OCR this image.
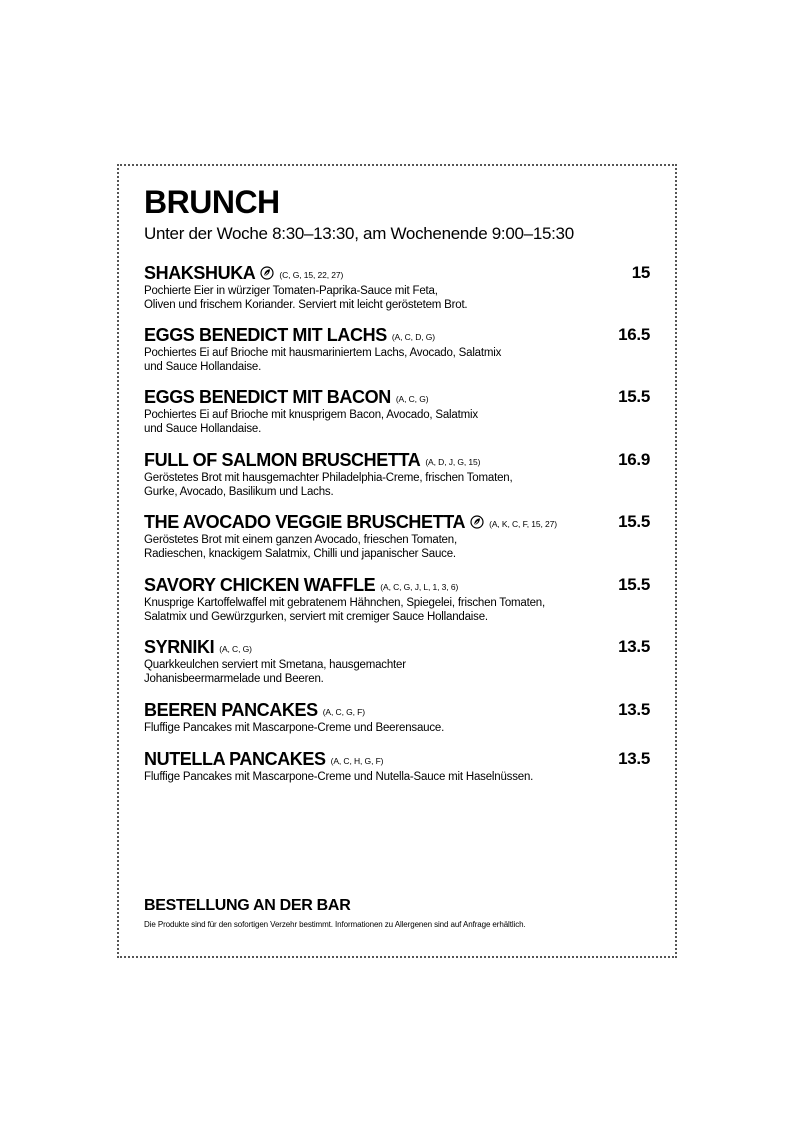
BRUNCH
Unter der Woche 8:30–13:30, am Wochenende 9:00–15:30
SHAKSHUKA	(C, G, 15, 22, 27)	15
Pochierte Eier in würziger Tomaten-Paprika-Sauce mit Feta,
Oliven und frischem Koriander. Serviert mit leicht geröstetem Brot.
EGGS BENEDICT MIT LACHS (A, C, D, G)	16.5
Pochiertes Ei auf Brioche mit hausmariniertem Lachs, Avocado, Salatmix
und Sauce Hollandaise.
EGGS BENEDICT MIT BACON (A, C, G)	15.5
Pochiertes Ei auf Brioche mit knusprigem Bacon, Avocado, Salatmix
und Sauce Hollandaise.
FULL OF SALMON BRUSCHETTA (A, D, J, G, 15)	16.9
Geröstetes Brot mit hausgemachter Philadelphia-Creme, frischen Tomaten,
Gurke, Avocado, Basilikum und Lachs.
THE AVOCADO VEGGIE BRUSCHETTA	(A, K, C, F, 15, 27)	15.5
Geröstetes Brot mit einem ganzen Avocado, frieschen Tomaten,
Radieschen, knackigem Salatmix, Chilli und japanischer Sauce.
SAVORY CHICKEN WAFFLE (A, C, G, J, L, 1, 3, 6)	15.5
Knusprige Kartoffelwaffel mit gebratenem Hähnchen, Spiegelei, frischen Tomaten,
Salatmix und Gewürzgurken, serviert mit cremiger Sauce Hollandaise.
SYRNIKI (A, C, G)	13.5
Quarkkeulchen serviert mit Smetana, hausgemachter
Johanisbeermarmelade und Beeren.
BEEREN PANCAKES (A, C, G, F)	13.5
Fluffige Pancakes mit Mascarpone-Creme und Beerensauce.
NUTELLA PANCAKES (A, C, H, G, F)	13.5
Fluffige Pancakes mit Mascarpone-Creme und Nutella-Sauce mit Haselnüssen.
BESTELLUNG AN DER BAR
Die Produkte sind für den sofortigen Verzehr bestimmt. Informationen zu Allergenen sind auf Anfrage erhältlich.
